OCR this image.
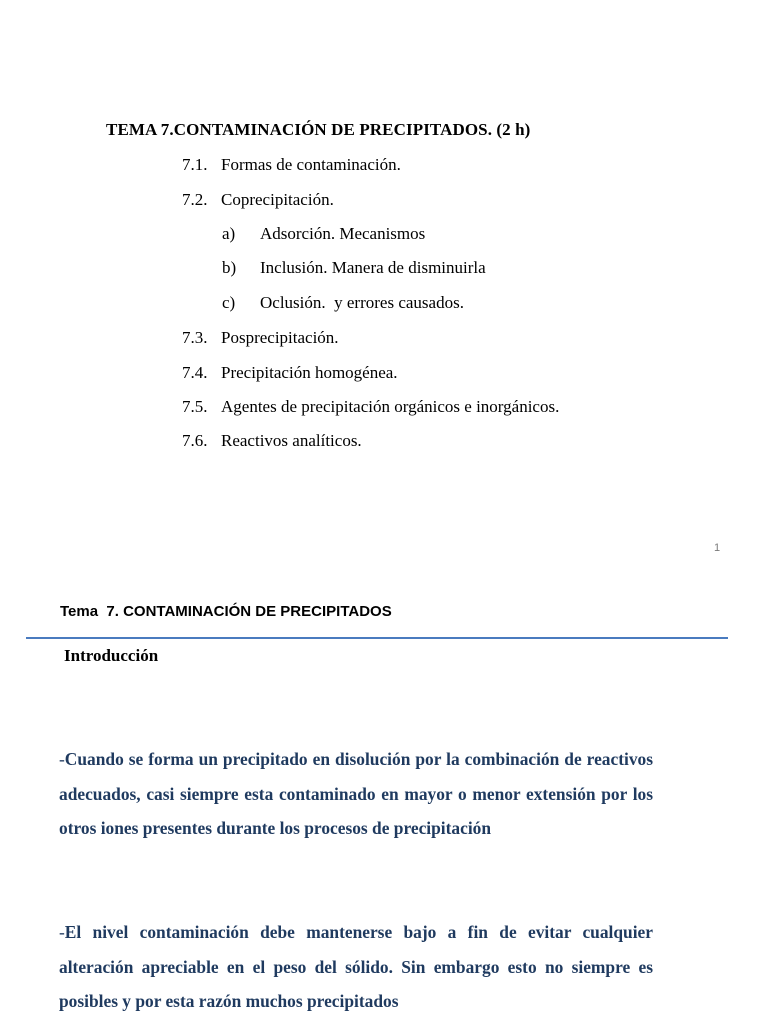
TEMA 7.CONTAMINACIÓN DE PRECIPITADOS. (2 h)
7.1. Formas de contaminación.
7.2. Coprecipitación.
a) Adsorción. Mecanismos
b) Inclusión. Manera de disminuirla
c) Oclusión.  y errores causados.
7.3. Posprecipitación.
7.4. Precipitación homogénea.
7.5. Agentes de precipitación orgánicos e inorgánicos.
7.6. Reactivos analíticos.
1
Tema  7. CONTAMINACIÓN DE PRECIPITADOS
Introducción
-Cuando se forma un precipitado en disolución por la combinación de reactivos adecuados, casi siempre esta contaminado en mayor o menor extensión por los otros iones presentes durante los procesos de precipitación
-El nivel contaminación debe mantenerse bajo a fin de evitar cualquier alteración apreciable en el peso del sólido. Sin embargo esto no siempre es posibles y por esta razón muchos precipitados
